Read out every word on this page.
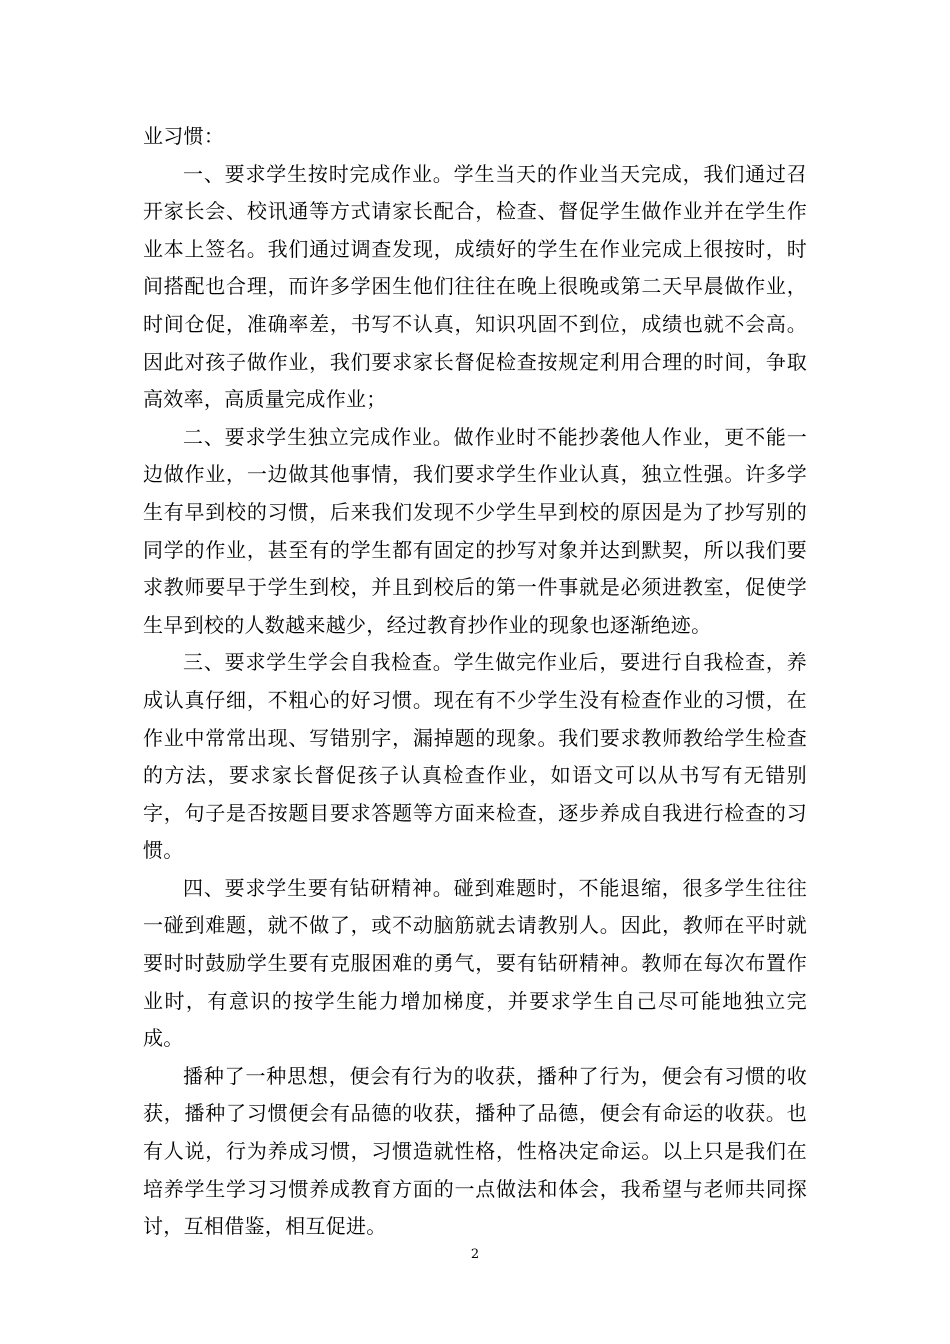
业习惯：

一、要求学生按时完成作业。学生当天的作业当天完成，我们通过召开家长会、校讯通等方式请家长配合，检查、督促学生做作业并在学生作业本上签名。我们通过调查发现，成绩好的学生在作业完成上很按时，时间搭配也合理，而许多学困生他们往往在晚上很晚或第二天早晨做作业，时间仓促，准确率差，书写不认真，知识巩固不到位，成绩也就不会高。因此对孩子做作业，我们要求家长督促检查按规定利用合理的时间，争取高效率，高质量完成作业；

二、要求学生独立完成作业。做作业时不能抄袭他人作业，更不能一边做作业，一边做其他事情，我们要求学生作业认真，独立性强。许多学生有早到校的习惯，后来我们发现不少学生早到校的原因是为了抄写别的同学的作业，甚至有的学生都有固定的抄写对象并达到默契，所以我们要求教师要早于学生到校，并且到校后的第一件事就是必须进教室，促使学生早到校的人数越来越少，经过教育抄作业的现象也逐渐绝迹。

三、要求学生学会自我检查。学生做完作业后，要进行自我检查，养成认真仔细，不粗心的好习惯。现在有不少学生没有检查作业的习惯，在作业中常常出现、写错别字，漏掉题的现象。我们要求教师教给学生检查的方法，要求家长督促孩子认真检查作业，如语文可以从书写有无错别字，句子是否按题目要求答题等方面来检查，逐步养成自我进行检查的习惯。

四、要求学生要有钻研精神。碰到难题时，不能退缩，很多学生往往一碰到难题，就不做了，或不动脑筋就去请教别人。因此，教师在平时就要时时鼓励学生要有克服困难的勇气，要有钻研精神。教师在每次布置作业时，有意识的按学生能力增加梯度，并要求学生自己尽可能地独立完成。

播种了一种思想，便会有行为的收获，播种了行为，便会有习惯的收获，播种了习惯便会有品德的收获，播种了品德，便会有命运的收获。也有人说，行为养成习惯，习惯造就性格，性格决定命运。以上只是我们在培养学生学习习惯养成教育方面的一点做法和体会，我希望与老师共同探讨，互相借鉴，相互促进。

2
